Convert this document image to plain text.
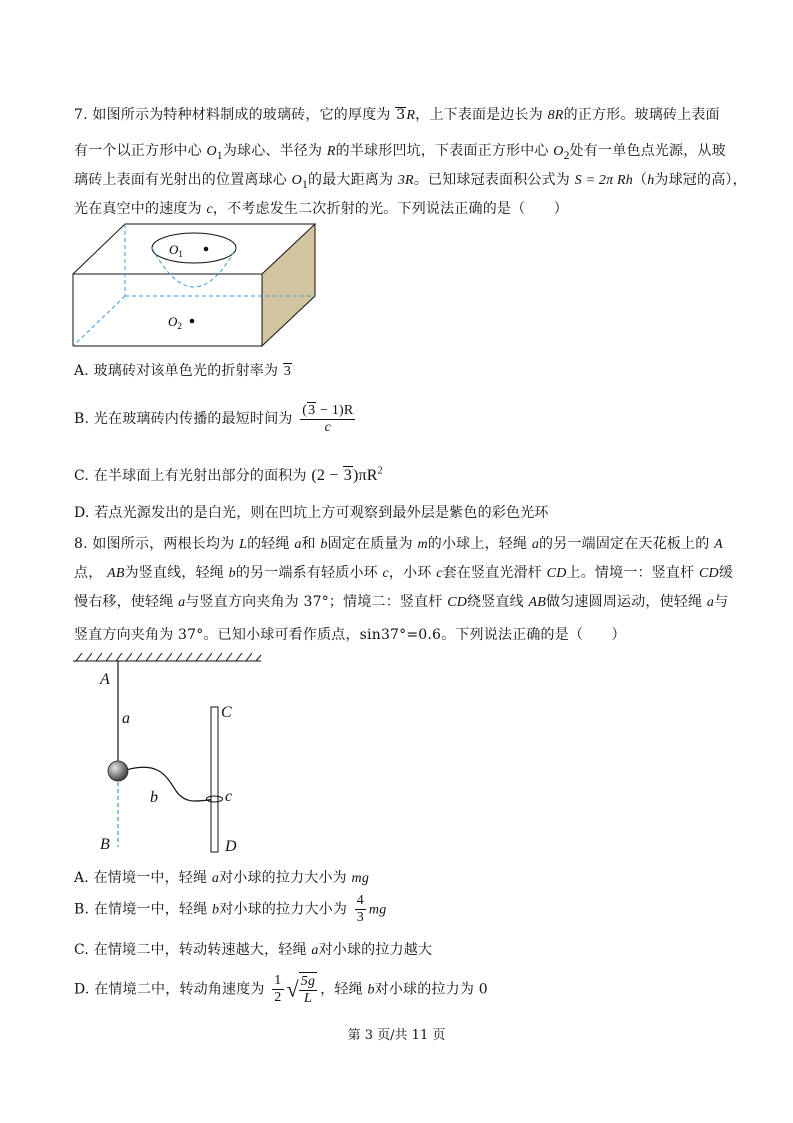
7. 如图所示为特种材料制成的玻璃砖，它的厚度为 3R，上下表面是边长为 8R的正方形。玻璃砖上表面
有一个以正方形中心 $O_1$为球心、半径为 R的半球形凹坑，下表面正方形中心 $O_2$处有一单色点光源，从玻
璃砖上表面有光射出的位置离球心 $O_1$的最大距离为 3R。已知球冠表面积公式为 S = 2π Rh（h为球冠的高），
光在真空中的速度为 c，不考虑发生二次折射的光。下列说法正确的是（　　）
$O_1$
$O_2$
A. 玻璃砖对该单色光的折射率为 3
B. 光在玻璃砖内传播的最短时间为 $\frac{(3 - 1)R}{c}$
C. 在半球面上有光射出部分的面积为 $(2 - 3)\pi R^2$
D. 若点光源发出的是白光，则在凹坑上方可观察到最外层是紫色的彩色光环
8. 如图所示，两根长均为 L的轻绳 a和 b固定在质量为 m的小球上，轻绳 a的另一端固定在天花板上的 A
点， AB为竖直线，轻绳 b的另一端系有轻质小环 c，小环 c套在竖直光滑杆 CD上。情境一：竖直杆 CD缓
慢右移，使轻绳 a与竖直方向夹角为 37°；情境二：竖直杆 CD绕竖直线 AB做匀速圆周运动，使轻绳 a与
竖直方向夹角为 37°。已知小球可看作质点，sin37°=0.6。下列说法正确的是（　　）
A
a
B
b
C
c
D
A. 在情境一中，轻绳 a对小球的拉力大小为 mg
B. 在情境一中，轻绳 b对小球的拉力大小为 $\frac{4}{3}$ mg
C. 在情境二中，转动转速越大，轻绳 a对小球的拉力越大
D. 在情境二中，转动角速度为 $\frac{1}{2}$ √ $\frac{5g}{L}$ ，轻绳 b对小球的拉力为 0
第 3 页/共 11 页
